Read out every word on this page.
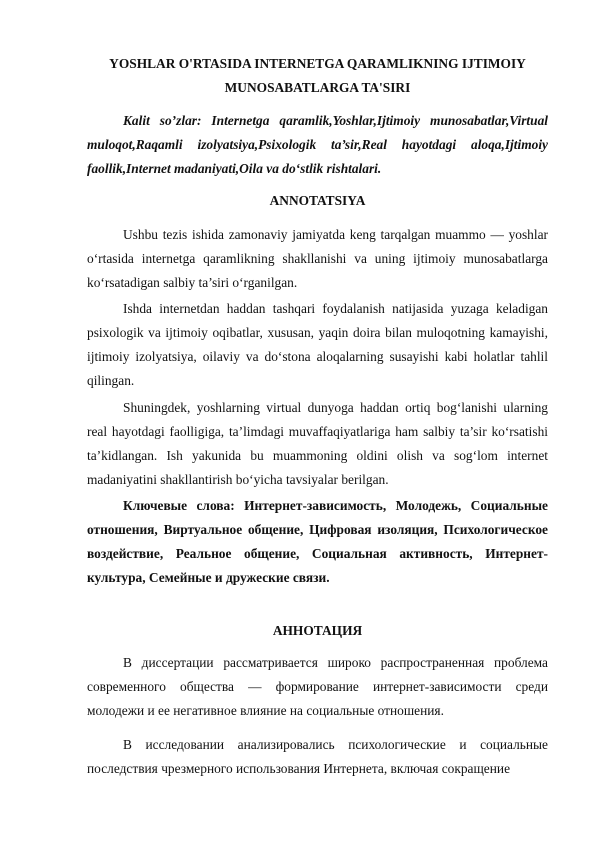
YOSHLAR O'RTASIDA INTERNETGA QARAMLIKNING IJTIMOIY MUNOSABATLARGA TA'SIRI

Kalit so’zlar: Internetga qaramlik,Yoshlar,Ijtimoiy munosabatlar,Virtual muloqot,Raqamli izolyatsiya,Psixologik ta’sir,Real hayotdagi aloqa,Ijtimoiy faollik,Internet madaniyati,Oila va do‘stlik rishtalari.

ANNOTATSIYA

Ushbu tezis ishida zamonaviy jamiyatda keng tarqalgan muammo — yoshlar o‘rtasida internetga qaramlikning shakllanishi va uning ijtimoiy munosabatlarga ko‘rsatadigan salbiy ta’siri o‘rganilgan.

Ishda internetdan haddan tashqari foydalanish natijasida yuzaga keladigan psixologik va ijtimoiy oqibatlar, xususan, yaqin doira bilan muloqotning kamayishi, ijtimoiy izolyatsiya, oilaviy va do‘stona aloqalarning susayishi kabi holatlar tahlil qilingan.

Shuningdek, yoshlarning virtual dunyoga haddan ortiq bog‘lanishi ularning real hayotdagi faolligiga, ta’limdagi muvaffaqiyatlariga ham salbiy ta’sir ko‘rsatishi ta’kidlangan. Ish yakunida bu muammoning oldini olish va sog‘lom internet madaniyatini shakllantirish bo‘yicha tavsiyalar berilgan.

Ключевые слова: Интернет-зависимость, Молодежь, Социальные отношения, Виртуальное общение, Цифровая изоляция, Психологическое воздействие, Реальное общение, Социальная активность, Интернет-культура, Семейные и дружеские связи.

АННОТАЦИЯ

В диссертации рассматривается широко распространенная проблема современного общества — формирование интернет-зависимости среди молодежи и ее негативное влияние на социальные отношения.

В исследовании анализировались психологические и социальные последствия чрезмерного использования Интернета, включая сокращение
